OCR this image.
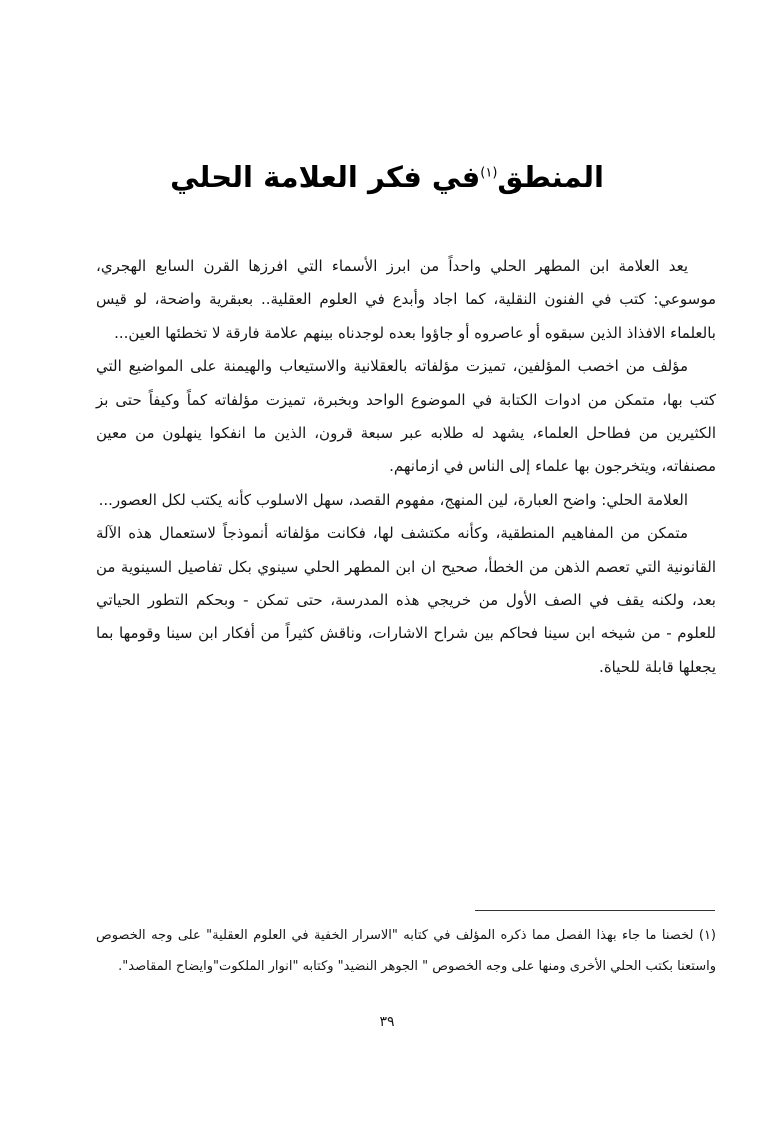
المنطق$^{(١)}$في فكر العلامة الحلي

يعد العلامة ابن المطهر الحلي واحداً من ابرز الأسماء التي افرزها القرن السابع الهجري، موسوعي: كتب في الفنون النقلية، كما اجاد وأبدع في العلوم العقلية.. بعبقرية واضحة، لو قيس بالعلماء الافذاذ الذين سبقوه أو عاصروه أو جاؤوا بعده لوجدناه بينهم علامة فارقة لا تخطئها العين...

مؤلف من اخصب المؤلفين، تميزت مؤلفاته بالعقلانية والاستيعاب والهيمنة على المواضيع التي كتب بها، متمكن من ادوات الكتابة في الموضوع الواحد وبخبرة، تميزت مؤلفاته كماً وكيفاً حتى بز الكثيرين من فطاحل العلماء، يشهد له طلابه عبر سبعة قرون، الذين ما انفكوا ينهلون من معين مصنفاته، ويتخرجون بها علماء إلى الناس في ازمانهم.

العلامة الحلي: واضح العبارة، لين المنهج، مفهوم القصد، سهل الاسلوب كأنه يكتب لكل العصور...

متمكن من المفاهيم المنطقية، وكأنه مكتشف لها، فكانت مؤلفاته أنموذجاً لاستعمال هذه الآلة القانونية التي تعصم الذهن من الخطأ، صحيح ان ابن المطهر الحلي سينوي بكل تفاصيل السينوية من بعد، ولكنه يقف في الصف الأول من خريجي هذه المدرسة، حتى تمكن - وبحكم التطور الحياتي للعلوم - من شيخه ابن سينا فحاكم بين شراح الاشارات، وناقش كثيراً من أفكار ابن سينا وقومها بما يجعلها قابلة للحياة.

(١) لخصنا ما جاء بهذا الفصل مما ذكره المؤلف في كتابه "الاسرار الخفية في العلوم العقلية" على وجه الخصوص واستعنا بكتب الحلي الأخرى ومنها على وجه الخصوص " الجوهر النضيد" وكتابه "انوار الملكوت"وايضاح المقاصد".

٣٩
